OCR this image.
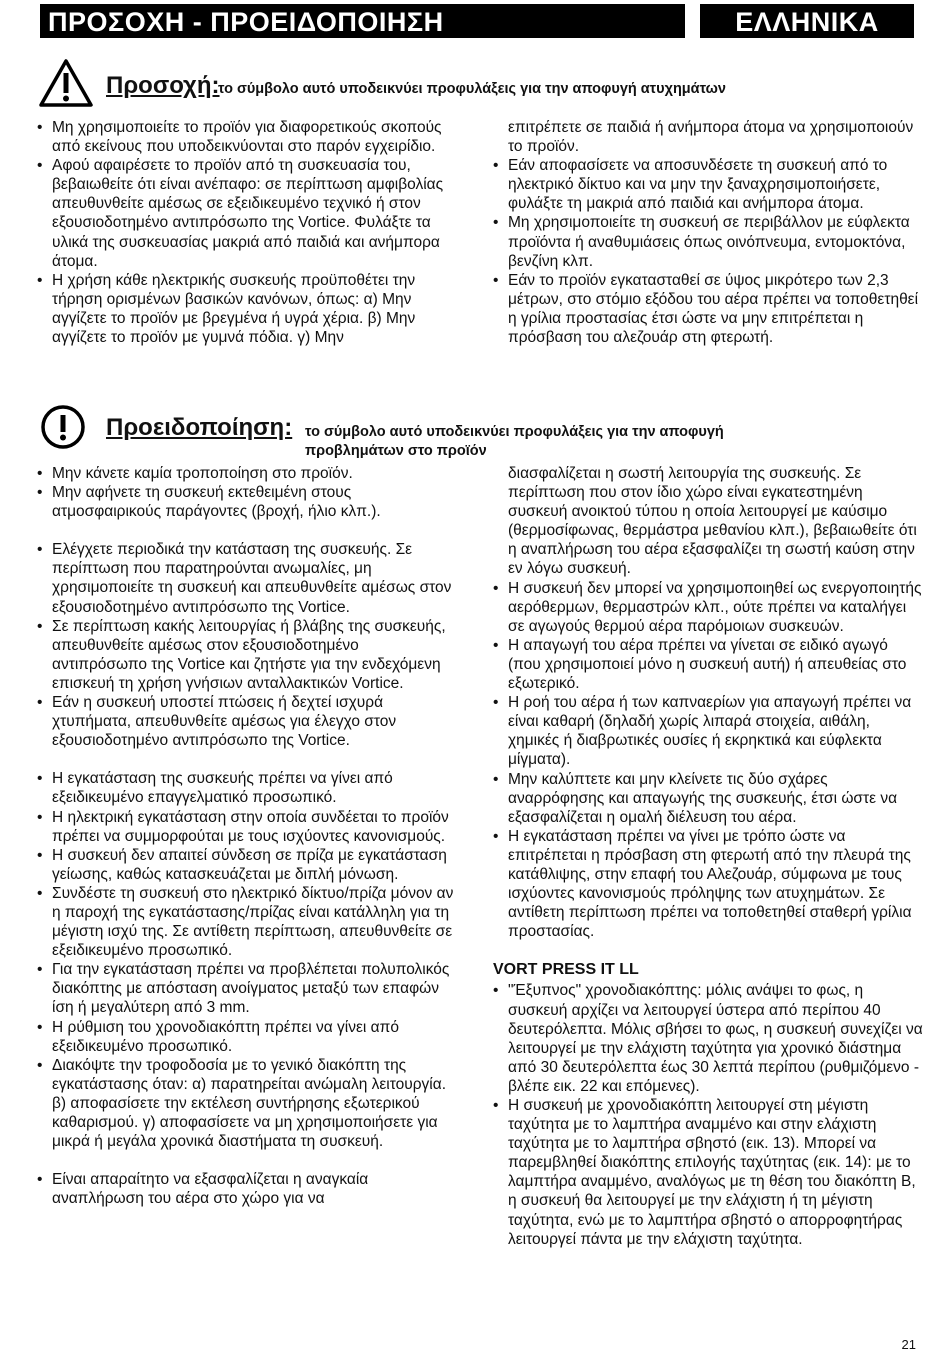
ΠΡΟΣΟΧΗ - ΠΡΟΕΙΔΟΠΟΙΗΣΗ	ΕΛΛΗΝΙΚΑ
Προσοχή:
το σύμβολο αυτό υποδεικνύει προφυλάξεις για την αποφυγή ατυχημάτων
• Μη χρησιμοποιείτε το προϊόν για διαφορετικούς σκοπούς από εκείνους που υποδεικνύονται στο παρόν εγχειρίδιο.
• Αφού αφαιρέσετε το προϊόν από τη συσκευασία του, βεβαιωθείτε ότι είναι ανέπαφο: σε περίπτωση αμφιβολίας απευθυνθείτε αμέσως σε εξειδικευμένο τεχνικό ή στον εξουσιοδοτημένο αντιπρόσωπο της Vortice. Φυλάξτε τα υλικά της συσκευασίας μακριά από παιδιά και ανήμπορα άτομα.
• Η χρήση κάθε ηλεκτρικής συσκευής προϋποθέτει την τήρηση ορισμένων βασικών κανόνων, όπως: α) Μην αγγίζετε το προϊόν με βρεγμένα ή υγρά χέρια. β) Μην αγγίζετε το προϊόν με γυμνά πόδια. γ) Μην
επιτρέπετε σε παιδιά ή ανήμπορα άτομα να χρησιμοποιούν το προϊόν.
• Εάν αποφασίσετε να αποσυνδέσετε τη συσκευή από το ηλεκτρικό δίκτυο και να μην την ξαναχρησιμοποιήσετε, φυλάξτε τη μακριά από παιδιά και ανήμπορα άτομα.
• Μη χρησιμοποιείτε τη συσκευή σε περιβάλλον με εύφλεκτα προϊόντα ή αναθυμιάσεις όπως οινόπνευμα, εντομοκτόνα, βενζίνη κλπ.
• Εάν το προϊόν εγκατασταθεί σε ύψος μικρότερο των 2,3 μέτρων, στο στόμιο εξόδου του αέρα πρέπει να τοποθετηθεί η γρίλια προστασίας έτσι ώστε να μην επιτρέπεται η πρόσβαση του αλεζουάρ στη φτερωτή.
Προειδοποίηση: το σύμβολο αυτό υποδεικνύει προφυλάξεις για την αποφυγή προβλημάτων στο προϊόν
• Μην κάνετε καμία τροποποίηση στο προϊόν.
• Μην αφήνετε τη συσκευή εκτεθειμένη στους ατμοσφαιρικούς παράγοντες (βροχή, ήλιο κλπ.).
• Ελέγχετε περιοδικά την κατάσταση της συσκευής. Σε περίπτωση που παρατηρούνται ανωμαλίες, μη χρησιμοποιείτε τη συσκευή και απευθυνθείτε αμέσως στον εξουσιοδοτημένο αντιπρόσωπο της Vortice.
• Σε περίπτωση κακής λειτουργίας ή βλάβης της συσκευής, απευθυνθείτε αμέσως στον εξουσιοδοτημένο αντιπρόσωπο της Vortice και ζητήστε για την ενδεχόμενη επισκευή τη χρήση γνήσιων ανταλλακτικών Vortice.
• Εάν η συσκευή υποστεί πτώσεις ή δεχτεί ισχυρά χτυπήματα, απευθυνθείτε αμέσως για έλεγχο στον εξουσιοδοτημένο αντιπρόσωπο της Vortice.
• Η εγκατάσταση της συσκευής πρέπει να γίνει από εξειδικευμένο επαγγελματικό προσωπικό.
• Η ηλεκτρική εγκατάσταση στην οποία συνδέεται το προϊόν πρέπει να συμμορφούται με τους ισχύοντες κανονισμούς.
• Η συσκευή δεν απαιτεί σύνδεση σε πρίζα με εγκατάσταση γείωσης, καθώς κατασκευάζεται με διπλή μόνωση.
• Συνδέστε τη συσκευή στο ηλεκτρικό δίκτυο/πρίζα μόνον αν η παροχή της εγκατάστασης/πρίζας είναι κατάλληλη για τη μέγιστη ισχύ της. Σε αντίθετη περίπτωση, απευθυνθείτε σε εξειδικευμένο προσωπικό.
• Για την εγκατάσταση πρέπει να προβλέπεται πολυπολικός διακόπτης με απόσταση ανοίγματος μεταξύ των επαφών ίση ή μεγαλύτερη από 3 mm.
• Η ρύθμιση του χρονοδιακόπτη πρέπει να γίνει από εξειδικευμένο προσωπικό.
• Διακόψτε την τροφοδοσία με το γενικό διακόπτη της εγκατάστασης όταν: α) παρατηρείται ανώμαλη λειτουργία. β) αποφασίσετε την εκτέλεση συντήρησης εξωτερικού καθαρισμού. γ) αποφασίσετε να μη χρησιμοποιήσετε για μικρά ή μεγάλα χρονικά διαστήματα τη συσκευή.
• Είναι απαραίτητο να εξασφαλίζεται η αναγκαία αναπλήρωση του αέρα στο χώρο για να
διασφαλίζεται η σωστή λειτουργία της συσκευής. Σε περίπτωση που στον ίδιο χώρο είναι εγκατεστημένη συσκευή ανοικτού τύπου η οποία λειτουργεί με καύσιμο (θερμοσίφωνας, θερμάστρα μεθανίου κλπ.), βεβαιωθείτε ότι η αναπλήρωση του αέρα εξασφαλίζει τη σωστή καύση στην εν λόγω συσκευή.
• Η συσκευή δεν μπορεί να χρησιμοποιηθεί ως ενεργοποιητής αερόθερμων, θερμαστρών κλπ., ούτε πρέπει να καταλήγει σε αγωγούς θερμού αέρα παρόμοιων συσκευών.
• Η απαγωγή του αέρα πρέπει να γίνεται σε ειδικό αγωγό (που χρησιμοποιεί μόνο η συσκευή αυτή) ή απευθείας στο εξωτερικό.
• Η ροή του αέρα ή των καπναερίων για απαγωγή πρέπει να είναι καθαρή (δηλαδή χωρίς λιπαρά στοιχεία, αιθάλη, χημικές ή διαβρωτικές ουσίες ή εκρηκτικά και εύφλεκτα μίγματα).
• Μην καλύπτετε και μην κλείνετε τις δύο σχάρες αναρρόφησης και απαγωγής της συσκευής, έτσι ώστε να εξασφαλίζεται η ομαλή διέλευση του αέρα.
• Η εγκατάσταση πρέπει να γίνει με τρόπο ώστε να επιτρέπεται η πρόσβαση στη φτερωτή από την πλευρά της κατάθλιψης, στην επαφή του Αλεζουάρ, σύμφωνα με τους ισχύοντες κανονισμούς πρόληψης των ατυχημάτων. Σε αντίθετη περίπτωση πρέπει να τοποθετηθεί σταθερή γρίλια προστασίας.
VORT PRESS IT LL
• "Έξυπνος" χρονοδιακόπτης: μόλις ανάψει το φως, η συσκευή αρχίζει να λειτουργεί ύστερα από περίπου 40 δευτερόλεπτα. Μόλις σβήσει το φως, η συσκευή συνεχίζει να λειτουργεί με την ελάχιστη ταχύτητα για χρονικό διάστημα από 30 δευτερόλεπτα έως 30 λεπτά περίπου (ρυθμιζόμενο - βλέπε εικ. 22 και επόμενες).
• Η συσκευή με χρονοδιακόπτη λειτουργεί στη μέγιστη ταχύτητα με το λαμπτήρα αναμμένο και στην ελάχιστη ταχύτητα με το λαμπτήρα σβηστό (εικ. 13). Μπορεί να παρεμβληθεί διακόπτης επιλογής ταχύτητας (εικ. 14): με το λαμπτήρα αναμμένο, αναλόγως με τη θέση του διακόπτη B, η συσκευή θα λειτουργεί με την ελάχιστη ή τη μέγιστη ταχύτητα, ενώ με το λαμπτήρα σβηστό ο απορροφητήρας λειτουργεί πάντα με την ελάχιστη ταχύτητα.
21
